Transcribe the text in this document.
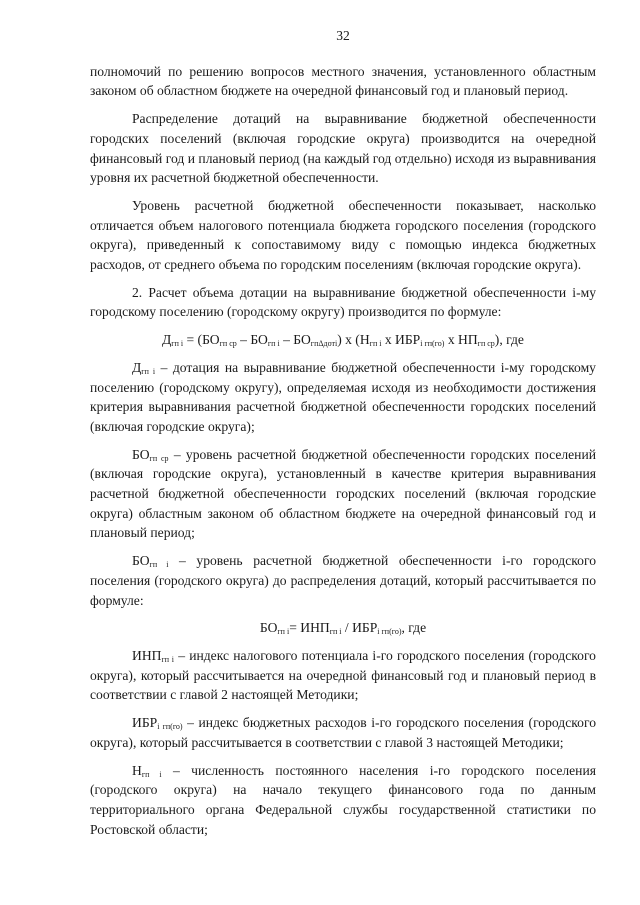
32

полномочий по решению вопросов местного значения, установленного областным законом об областном бюджете на очередной финансовый год и плановый период.

Распределение дотаций на выравнивание бюджетной обеспеченности городских поселений (включая городские округа) производится на очередной финансовый год и плановый период (на каждый год отдельно) исходя из выравнивания уровня их расчетной бюджетной обеспеченности.

Уровень расчетной бюджетной обеспеченности показывает, насколько отличается объем налогового потенциала бюджета городского поселения (городского округа), приведенный к сопоставимому виду с помощью индекса бюджетных расходов, от среднего объема по городским поселениям (включая городские округа).

2. Расчет объема дотации на выравнивание бюджетной обеспеченности i-му городскому поселению (городскому округу) производится по формуле:

$Д_{гп i} = (БО_{гп ср} - БО_{гп i} - БО_{гп\Delta дотi})$ х ($Н_{гп i}$ х $ИБР_{i гп(го)}$ х $НП_{гп ср}$), где

$Д_{гп i}$ – дотация на выравнивание бюджетной обеспеченности i-му городскому поселению (городскому округу), определяемая исходя из необходимости достижения критерия выравнивания расчетной бюджетной обеспеченности городских поселений (включая городские округа);

$БО_{гп ср}$ – уровень расчетной бюджетной обеспеченности городских поселений (включая городские округа), установленный в качестве критерия выравнивания расчетной бюджетной обеспеченности городских поселений (включая городские округа) областным законом об областном бюджете на очередной финансовый год и плановый период;

$БО_{гп i}$ – уровень расчетной бюджетной обеспеченности i-го городского поселения (городского округа) до распределения дотаций, который рассчитывается по формуле:

$БО_{гп i}= ИНП_{гп i} / ИБР_{i гп(го)}$, где

$ИНП_{гп i}$ – индекс налогового потенциала i-го городского поселения (городского округа), который рассчитывается на очередной финансовый год и плановый период в соответствии с главой 2 настоящей Методики;

$ИБР_{i гп(го)}$ – индекс бюджетных расходов i-го городского поселения (городского округа), который рассчитывается в соответствии с главой 3 настоящей Методики;

$Н_{гп i}$ – численность постоянного населения i-го городского поселения (городского округа) на начало текущего финансового года по данным территориального органа Федеральной службы государственной статистики по Ростовской области;
